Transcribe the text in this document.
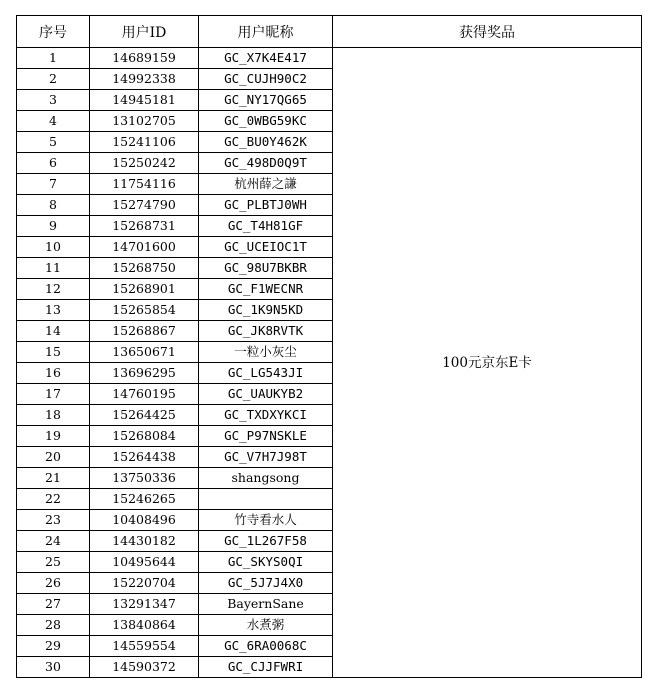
序号	用户ID	用户昵称	获得奖品
1	14689159	GC_X7K4E417	100元京东E卡
2	14992338	GC_CUJH90C2	
3	14945181	GC_NY17QG65	
4	13102705	GC_0WBG59KC	
5	15241106	GC_BU0Y462K	
6	15250242	GC_498D0Q9T	
7	11754116	杭州薛之謙	
8	15274790	GC_PLBTJ0WH	
9	15268731	GC_T4H81GF	
10	14701600	GC_UCEIOC1T	
11	15268750	GC_98U7BKBR	
12	15268901	GC_F1WECNR	
13	15265854	GC_1K9N5KD	
14	15268867	GC_JK8RVTK	
15	13650671	一粒小灰尘	
16	13696295	GC_LG543JI	
17	14760195	GC_UAUKYB2	
18	15264425	GC_TXDXYKCI	
19	15268084	GC_P97NSKLE	
20	15264438	GC_V7H7J98T	
21	13750336	shangsong	
22	15246265		
23	10408496	竹寺看水人	
24	14430182	GC_1L267F58	
25	10495644	GC_SKYS0QI	
26	15220704	GC_5J7J4X0	
27	13291347	BayernSane	
28	13840864	水煮粥	
29	14559554	GC_6RA0068C	
30	14590372	GC_CJJFWRI	
